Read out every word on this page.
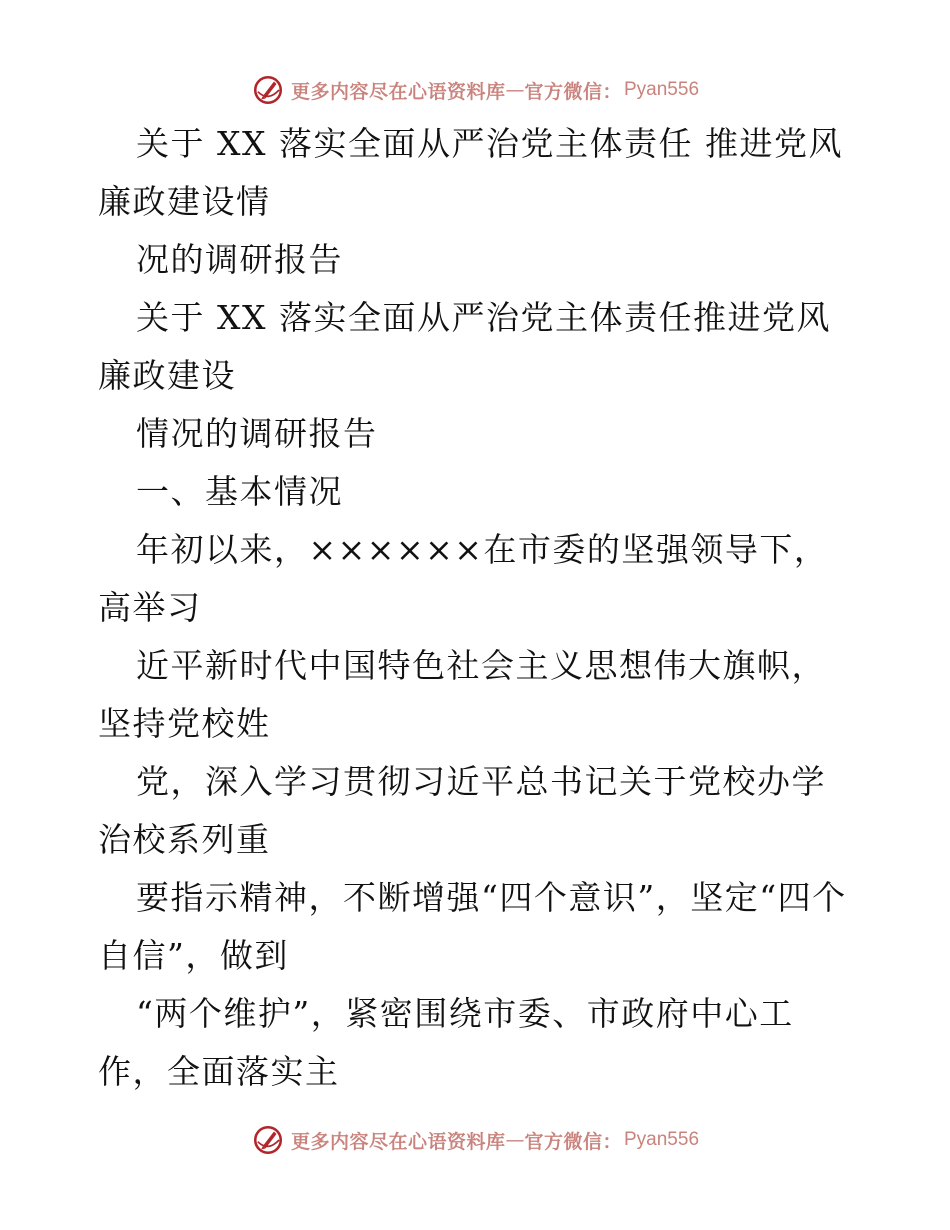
更多内容尽在心语资料库 — 官方微信： Pyan556

关于 XX 落实全面从严治党主体责任 推进党风廉政建设情

况的调研报告

关于 XX 落实全面从严治党主体责任推进党风廉政建设

情况的调研报告

一、基本情况

年初以来，××××××在市委的坚强领导下，高举习

近平新时代中国特色社会主义思想伟大旗帜，坚持党校姓

党，深入学习贯彻习近平总书记关于党校办学治校系列重

要指示精神，不断增强“四个意识”，坚定“四个自信”，做到

“两个维护”，紧密围绕市委、市政府中心工作，全面落实主

更多内容尽在心语资料库 — 官方微信： Pyan556
